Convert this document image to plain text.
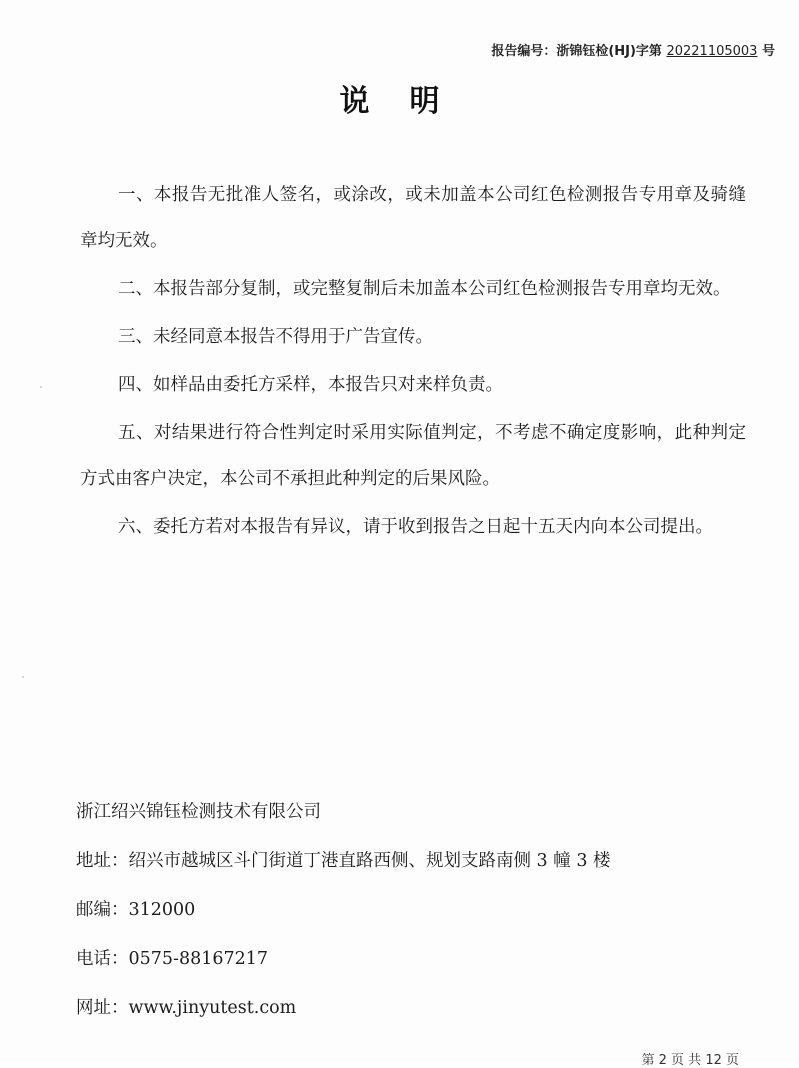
报告编号：浙锦钰检(HJ)字第 20221105003 号
说明

一、本报告无批准人签名，或涂改，或未加盖本公司红色检测报告专用章及骑缝章均无效。

二、本报告部分复制，或完整复制后未加盖本公司红色检测报告专用章均无效。

三、未经同意本报告不得用于广告宣传。

四、如样品由委托方采样，本报告只对来样负责。

五、对结果进行符合性判定时采用实际值判定，不考虑不确定度影响，此种判定方式由客户决定，本公司不承担此种判定的后果风险。

六、委托方若对本报告有异议，请于收到报告之日起十五天内向本公司提出。

浙江绍兴锦钰检测技术有限公司
地址：绍兴市越城区斗门街道丁港直路西侧、规划支路南侧 3 幢 3 楼
邮编：312000
电话：0575-88167217
网址：www.jinyutest.com
第 2 页 共 12 页
